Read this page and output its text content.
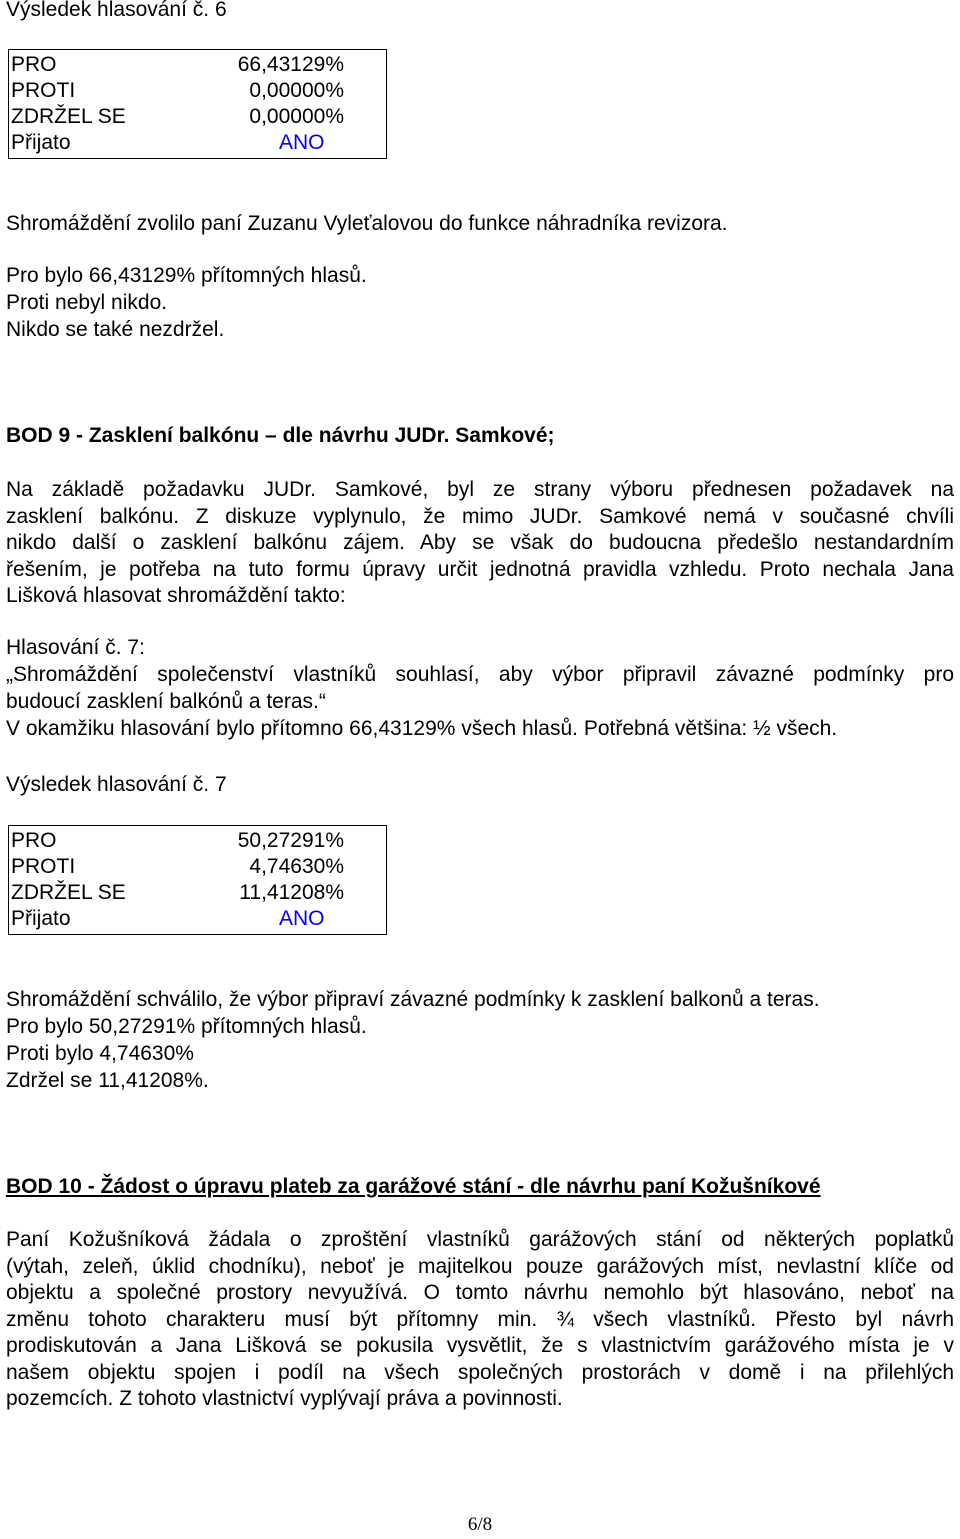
Výsledek hlasování č. 6
PRO	66,43129%
PROTI	0,00000%
ZDRŽEL SE	0,00000%
Přijato	ANO
Shromáždění zvolilo paní Zuzanu Vyleťalovou do funkce náhradníka revizora.
Pro bylo 66,43129% přítomných hlasů.
Proti nebyl nikdo.
Nikdo se také nezdržel.
BOD 9 - Zasklení balkónu – dle návrhu JUDr. Samkové;
Na základě požadavku JUDr. Samkové, byl ze strany výboru přednesen požadavek na
zasklení balkónu. Z diskuze vyplynulo, že mimo JUDr. Samkové nemá v současné chvíli
nikdo další o zasklení balkónu zájem. Aby se však do budoucna předešlo nestandardním
řešením, je potřeba na tuto formu úpravy určit jednotná pravidla vzhledu. Proto nechala Jana
Lišková hlasovat shromáždění takto:
Hlasování č. 7:
„Shromáždění společenství vlastníků souhlasí, aby výbor připravil závazné podmínky pro
budoucí zasklení balkónů a teras.“
V okamžiku hlasování bylo přítomno 66,43129% všech hlasů. Potřebná většina: ½ všech.
Výsledek hlasování č. 7
PRO	50,27291%
PROTI	4,74630%
ZDRŽEL SE	11,41208%
Přijato	ANO
Shromáždění schválilo, že výbor připraví závazné podmínky k zasklení balkonů a teras.
Pro bylo 50,27291% přítomných hlasů.
Proti bylo 4,74630%
Zdržel se 11,41208%.
BOD 10 - Žádost o úpravu plateb za garážové stání - dle návrhu paní Kožušníkové
Paní Kožušníková žádala o zproštění vlastníků garážových stání od některých poplatků
(výtah, zeleň, úklid chodníku), neboť je majitelkou pouze garážových míst, nevlastní klíče od
objektu a společné prostory nevyužívá. O tomto návrhu nemohlo být hlasováno, neboť na
změnu tohoto charakteru musí být přítomny min. ¾ všech vlastníků. Přesto byl návrh
prodiskutován a Jana Lišková se pokusila vysvětlit, že s vlastnictvím garážového místa je v
našem objektu spojen i podíl na všech společných prostorách v domě i na přilehlých
pozemcích. Z tohoto vlastnictví vyplývají práva a povinnosti.
6/8
